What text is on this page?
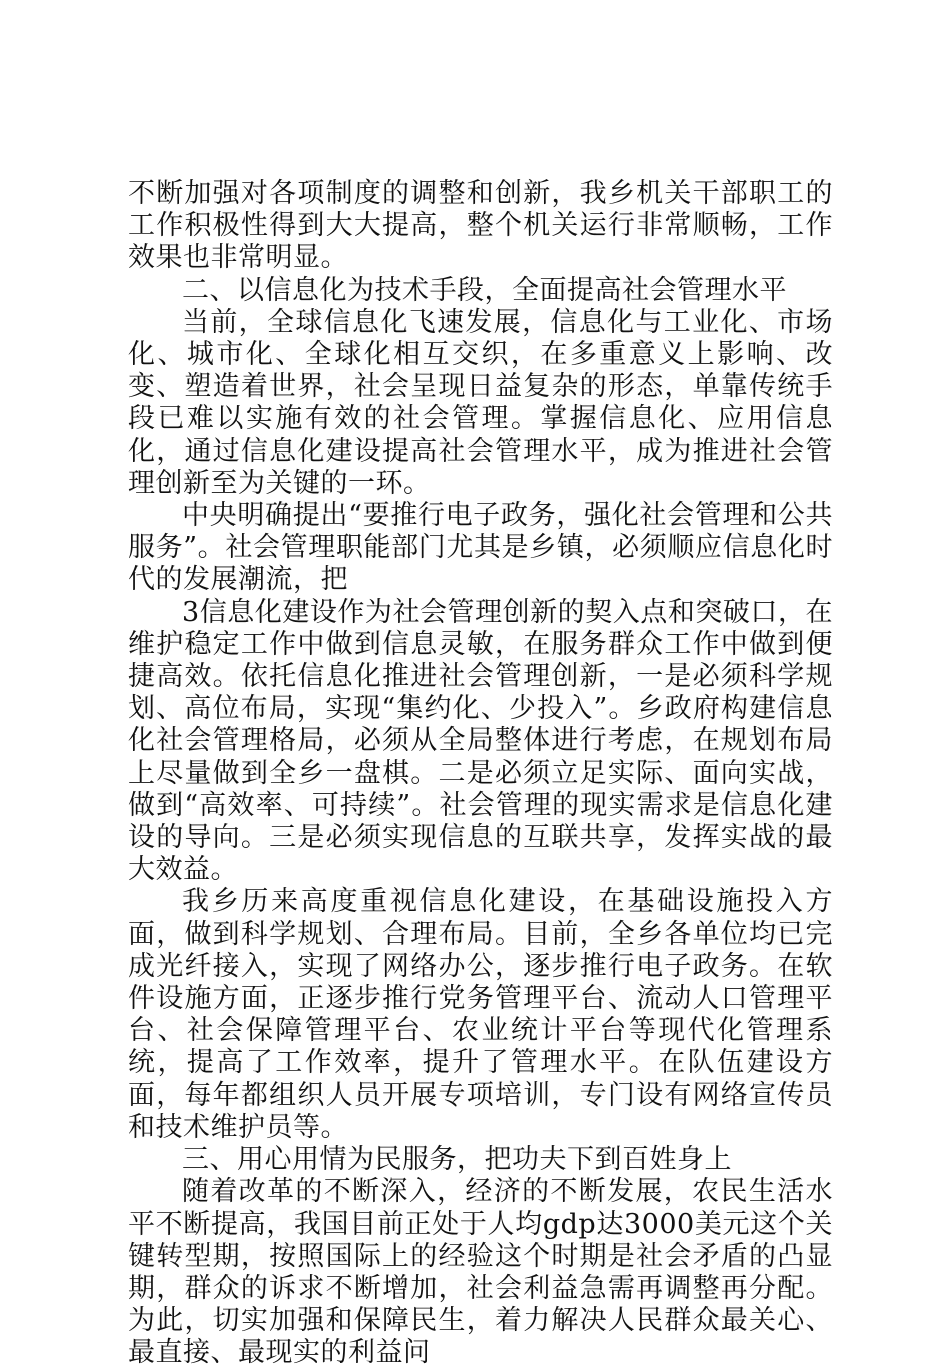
不断加强对各项制度的调整和创新，我乡机关干部职工的工作积极性得到大大提高，整个机关运行非常顺畅，工作效果也非常明显。

二、以信息化为技术手段，全面提高社会管理水平

当前，全球信息化飞速发展，信息化与工业化、市场化、城市化、全球化相互交织，在多重意义上影响、改变、塑造着世界，社会呈现日益复杂的形态，单靠传统手段已难以实施有效的社会管理。掌握信息化、应用信息化，通过信息化建设提高社会管理水平，成为推进社会管理创新至为关键的一环。

中央明确提出“要推行电子政务，强化社会管理和公共服务”。社会管理职能部门尤其是乡镇，必须顺应信息化时代的发展潮流，把

3信息化建设作为社会管理创新的契入点和突破口，在维护稳定工作中做到信息灵敏，在服务群众工作中做到便捷高效。依托信息化推进社会管理创新，一是必须科学规划、高位布局，实现“集约化、少投入”。乡政府构建信息化社会管理格局，必须从全局整体进行考虑，在规划布局上尽量做到全乡一盘棋。二是必须立足实际、面向实战，做到“高效率、可持续”。社会管理的现实需求是信息化建设的导向。三是必须实现信息的互联共享，发挥实战的最大效益。

我乡历来高度重视信息化建设，在基础设施投入方面，做到科学规划、合理布局。目前，全乡各单位均已完成光纤接入，实现了网络办公，逐步推行电子政务。在软件设施方面，正逐步推行党务管理平台、流动人口管理平台、社会保障管理平台、农业统计平台等现代化管理系统，提高了工作效率，提升了管理水平。在队伍建设方面，每年都组织人员开展专项培训，专门设有网络宣传员和技术维护员等。

三、用心用情为民服务，把功夫下到百姓身上

随着改革的不断深入，经济的不断发展，农民生活水平不断提高，我国目前正处于人均gdp达3000美元这个关键转型期，按照国际上的经验这个时期是社会矛盾的凸显期，群众的诉求不断增加，社会利益急需再调整再分配。为此，切实加强和保障民生，着力解决人民群众最关心、最直接、最现实的利益问
